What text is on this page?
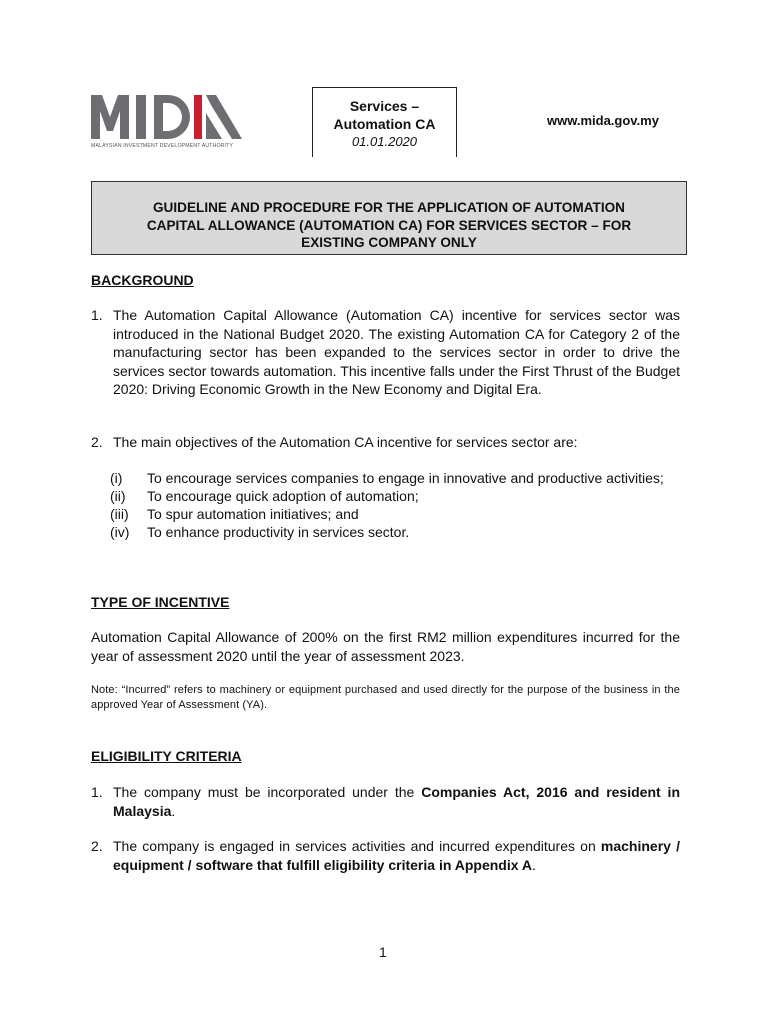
MALAYSIAN INVESTMENT DEVELOPMENT AUTHORITY
Services –
Automation CA
01.01.2020
www.mida.gov.my
GUIDELINE AND PROCEDURE FOR THE APPLICATION OF AUTOMATION
CAPITAL ALLOWANCE (AUTOMATION CA) FOR SERVICES SECTOR – FOR
EXISTING COMPANY ONLY
BACKGROUND
1. The Automation Capital Allowance (Automation CA) incentive for services sector was introduced in the National Budget 2020. The existing Automation CA for Category 2 of the manufacturing sector has been expanded to the services sector in order to drive the services sector towards automation. This incentive falls under the First Thrust of the Budget 2020: Driving Economic Growth in the New Economy and Digital Era.
2. The main objectives of the Automation CA incentive for services sector are:
(i)	To encourage services companies to engage in innovative and productive activities;
(ii)	To encourage quick adoption of automation;
(iii)	To spur automation initiatives; and
(iv)	To enhance productivity in services sector.
TYPE OF INCENTIVE

Automation Capital Allowance of 200% on the first RM2 million expenditures incurred for the year of assessment 2020 until the year of assessment 2023.

Note: “Incurred” refers to machinery or equipment purchased and used directly for the purpose of the business in the approved Year of Assessment (YA).
ELIGIBILITY CRITERIA
1. The company must be incorporated under the Companies Act, 2016 and resident in Malaysia.
2. The company is engaged in services activities and incurred expenditures on machinery / equipment / software that fulfill eligibility criteria in Appendix A.
1
